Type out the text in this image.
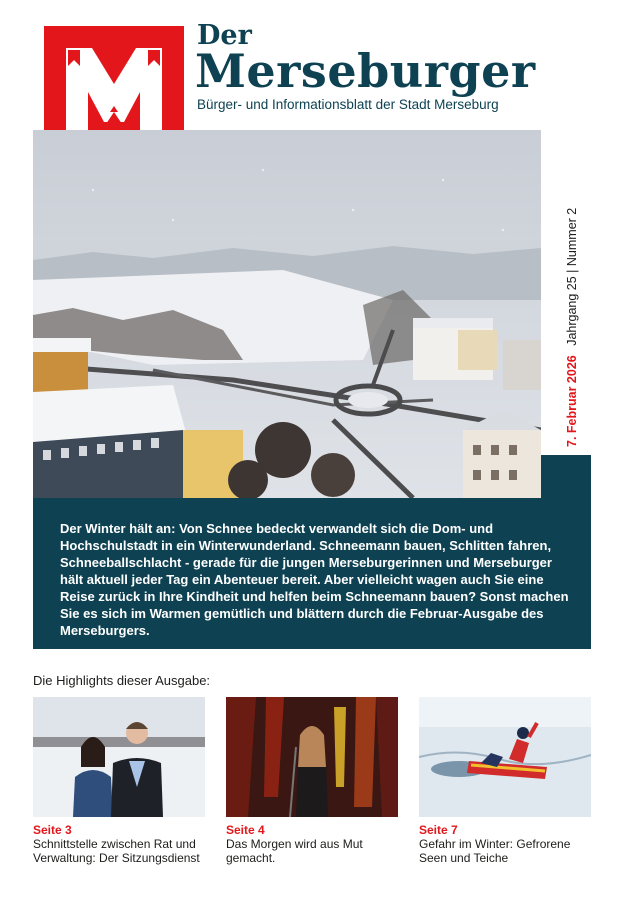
Der
Merseburger
Bürger- und Informationsblatt der Stadt Merseburg
7. Februar 2026 Jahrgang 25 | Nummer 2

Der Winter hält an: Von Schnee bedeckt verwandelt sich die Dom- und Hochschulstadt in ein Winterwunderland. Schneemann bauen, Schlitten fahren, Schneeballschlacht - gerade für die jungen Merseburgerinnen und Merseburger hält aktuell jeder Tag ein Abenteuer bereit. Aber vielleicht wagen auch Sie eine Reise zurück in Ihre Kindheit und helfen beim Schneemann bauen? Sonst machen Sie es sich im Warmen gemütlich und blättern durch die Februar-Ausgabe des Merseburgers.

Die Highlights dieser Ausgabe:
Seite 3
Schnittstelle zwischen Rat und Verwaltung: Der Sitzungsdienst
Seite 4
Das Morgen wird aus Mut gemacht.
Seite 7
Gefahr im Winter: Gefrorene Seen und Teiche
